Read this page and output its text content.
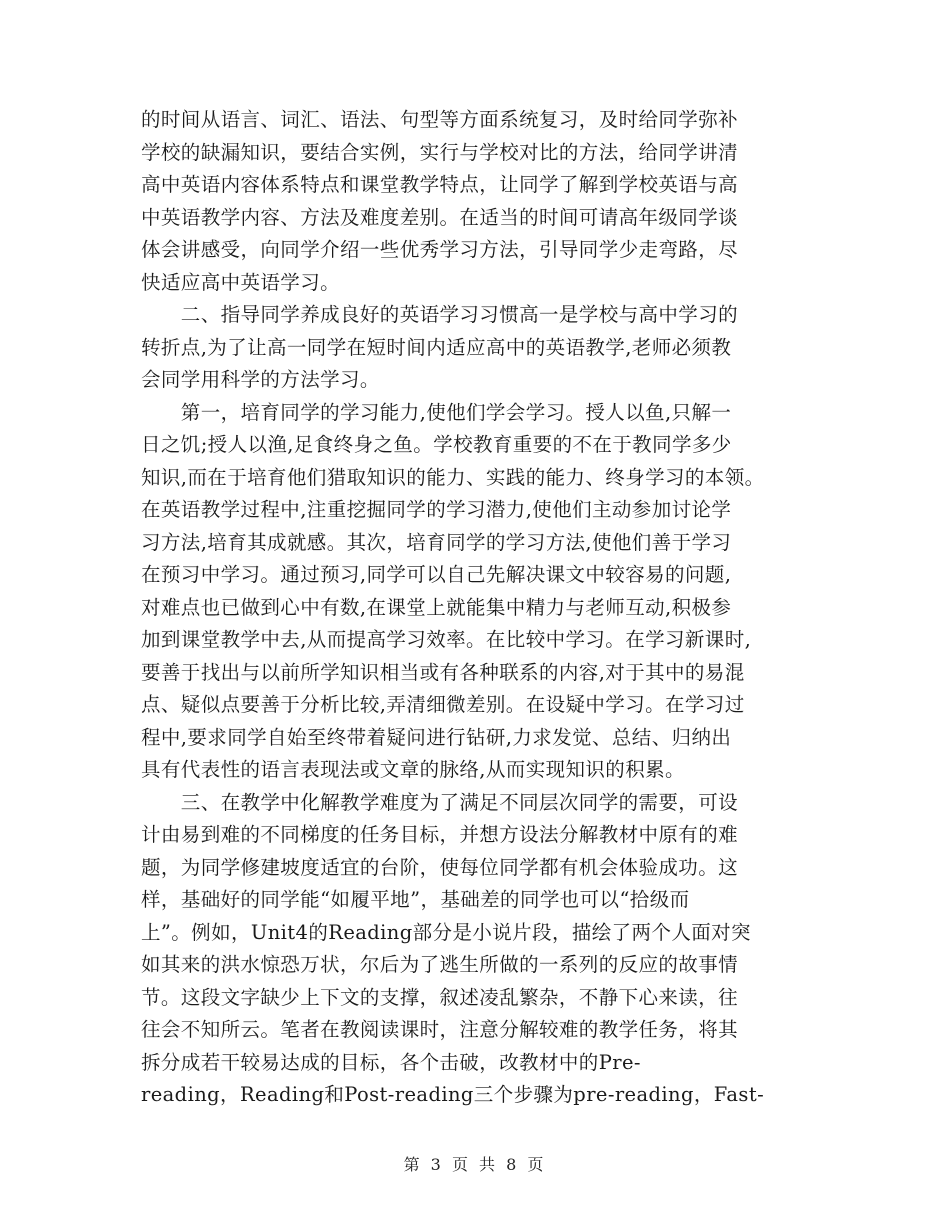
的时间从语言、词汇、语法、句型等方面系统复习，及时给同学弥补
学校的缺漏知识，要结合实例，实行与学校对比的方法，给同学讲清
高中英语内容体系特点和课堂教学特点，让同学了解到学校英语与高
中英语教学内容、方法及难度差别。在适当的时间可请高年级同学谈
体会讲感受，向同学介绍一些优秀学习方法，引导同学少走弯路，尽
快适应高中英语学习。
　　二、指导同学养成良好的英语学习习惯高一是学校与高中学习的
转折点,为了让高一同学在短时间内适应高中的英语教学,老师必须教
会同学用科学的方法学习。
　　第一，培育同学的学习能力,使他们学会学习。授人以鱼,只解一
日之饥;授人以渔,足食终身之鱼。学校教育重要的不在于教同学多少
知识,而在于培育他们猎取知识的能力、实践的能力、终身学习的本领。
在英语教学过程中,注重挖掘同学的学习潜力,使他们主动参加讨论学
习方法,培育其成就感。其次，培育同学的学习方法,使他们善于学习
在预习中学习。通过预习,同学可以自己先解决课文中较容易的问题,
对难点也已做到心中有数,在课堂上就能集中精力与老师互动,积极参
加到课堂教学中去,从而提高学习效率。在比较中学习。在学习新课时,
要善于找出与以前所学知识相当或有各种联系的内容,对于其中的易混
点、疑似点要善于分析比较,弄清细微差别。在设疑中学习。在学习过
程中,要求同学自始至终带着疑问进行钻研,力求发觉、总结、归纳出
具有代表性的语言表现法或文章的脉络,从而实现知识的积累。
　　三、在教学中化解教学难度为了满足不同层次同学的需要，可设
计由易到难的不同梯度的任务目标，并想方设法分解教材中原有的难
题，为同学修建坡度适宜的台阶，使每位同学都有机会体验成功。这
样，基础好的同学能“如履平地”，基础差的同学也可以“拾级而
上”。例如，Unit4的Reading部分是小说片段，描绘了两个人面对突
如其来的洪水惊恐万状，尔后为了逃生所做的一系列的反应的故事情
节。这段文字缺少上下文的支撑，叙述凌乱繁杂，不静下心来读，往
往会不知所云。笔者在教阅读课时，注意分解较难的教学任务，将其
拆分成若干较易达成的目标，各个击破，改教材中的Pre-
reading，Reading和Post-reading三个步骤为pre-reading，Fast-
第 3 页 共 8 页
